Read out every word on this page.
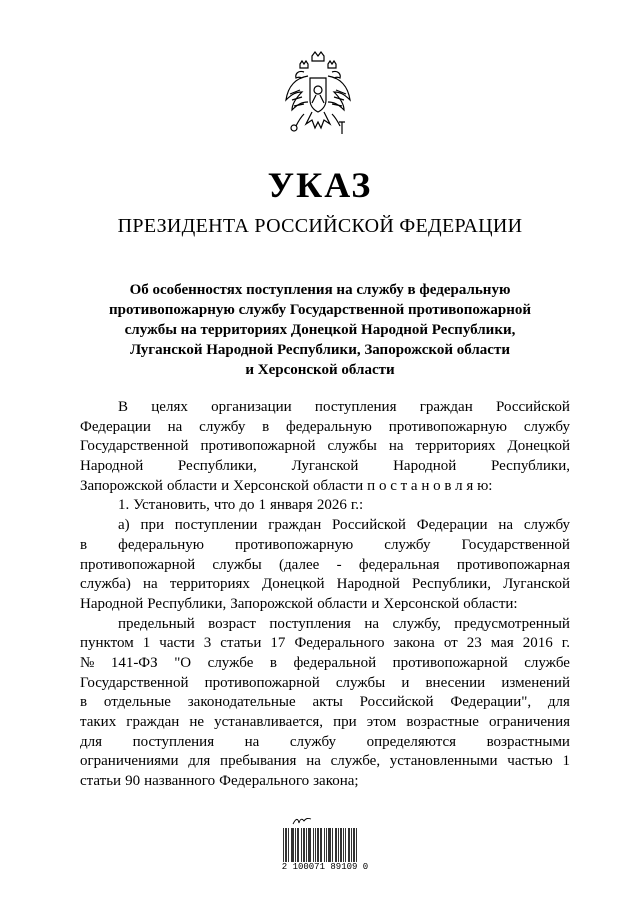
УКАЗ
ПРЕЗИДЕНТА РОССИЙСКОЙ ФЕДЕРАЦИИ
Об особенностях поступления на службу в федеральную
противопожарную службу Государственной противопожарной
службы на территориях Донецкой Народной Республики,
Луганской Народной Республики, Запорожской области
и Херсонской области
В целях организации поступления граждан Российской
Федерации на службу в федеральную противопожарную службу
Государственной противопожарной службы на территориях Донецкой
Народной Республики, Луганской Народной Республики,
Запорожской области и Херсонской области п о с т а н о в л я ю:
1. Установить, что до 1 января 2026 г.:
а) при поступлении граждан Российской Федерации на службу
в федеральную противопожарную службу Государственной
противопожарной службы (далее - федеральная противопожарная
служба) на территориях Донецкой Народной Республики, Луганской
Народной Республики, Запорожской области и Херсонской области:
предельный возраст поступления на службу, предусмотренный
пунктом 1 части 3 статьи 17 Федерального закона от 23 мая 2016 г.
№ 141-ФЗ "О службе в федеральной противопожарной службе
Государственной противопожарной службы и внесении изменений
в отдельные законодательные акты Российской Федерации", для
таких граждан не устанавливается, при этом возрастные ограничения
для поступления на службу определяются возрастными
ограничениями для пребывания на службе, установленными частью 1
статьи 90 названного Федерального закона;
2 100071 89109 0
